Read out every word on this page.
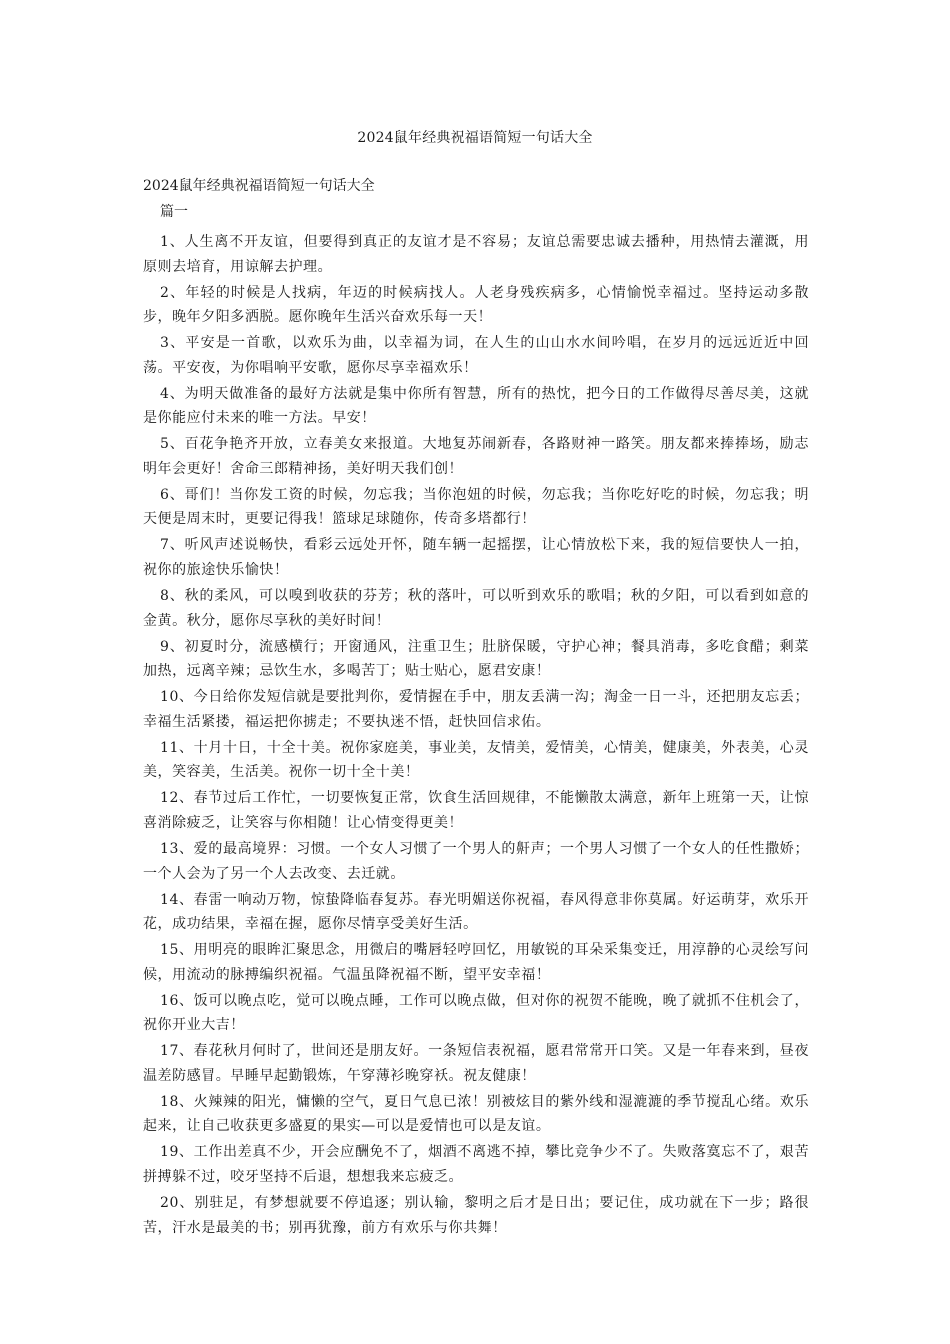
2024鼠年经典祝福语简短一句话大全

2024鼠年经典祝福语简短一句话大全

篇一

1、人生离不开友谊，但要得到真正的友谊才是不容易；友谊总需要忠诚去播种，用热情去灌溉，用原则去培育，用谅解去护理。

2、年轻的时候是人找病，年迈的时候病找人。人老身残疾病多，心情愉悦幸福过。坚持运动多散步，晚年夕阳多洒脱。愿你晚年生活兴奋欢乐每一天！

3、平安是一首歌，以欢乐为曲，以幸福为词，在人生的山山水水间吟唱，在岁月的远远近近中回荡。平安夜，为你唱响平安歌，愿你尽享幸福欢乐！

4、为明天做准备的最好方法就是集中你所有智慧，所有的热忱，把今日的工作做得尽善尽美，这就是你能应付未来的唯一方法。早安！

5、百花争艳齐开放，立春美女来报道。大地复苏闹新春，各路财神一路笑。朋友都来捧捧场，励志明年会更好！舍命三郎精神扬，美好明天我们创！

6、哥们！当你发工资的时候，勿忘我；当你泡妞的时候，勿忘我；当你吃好吃的时候，勿忘我；明天便是周末时，更要记得我！篮球足球随你，传奇多塔都行！

7、听风声述说畅快，看彩云远处开怀，随车辆一起摇摆，让心情放松下来，我的短信要快人一拍，祝你的旅途快乐愉快！

8、秋的柔风，可以嗅到收获的芬芳；秋的落叶，可以听到欢乐的歌唱；秋的夕阳，可以看到如意的金黄。秋分，愿你尽享秋的美好时间！

9、初夏时分，流感横行；开窗通风，注重卫生；肚脐保暖，守护心神；餐具消毒，多吃食醋；剩菜加热，远离辛辣；忌饮生水，多喝苦丁；贴士贴心，愿君安康！

10、今日给你发短信就是要批判你，爱情握在手中，朋友丢满一沟；淘金一日一斗，还把朋友忘丢；幸福生活紧搂，福运把你掳走；不要执迷不悟，赶快回信求佑。

11、十月十日，十全十美。祝你家庭美，事业美，友情美，爱情美，心情美，健康美，外表美，心灵美，笑容美，生活美。祝你一切十全十美！

12、春节过后工作忙，一切要恢复正常，饮食生活回规律，不能懒散太满意，新年上班第一天，让惊喜消除疲乏，让笑容与你相随！让心情变得更美！

13、爱的最高境界：习惯。一个女人习惯了一个男人的鼾声；一个男人习惯了一个女人的任性撒娇；一个人会为了另一个人去改变、去迁就。

14、春雷一响动万物，惊蛰降临春复苏。春光明媚送你祝福，春风得意非你莫属。好运萌芽，欢乐开花，成功结果，幸福在握，愿你尽情享受美好生活。

15、用明亮的眼眸汇聚思念，用微启的嘴唇轻哼回忆，用敏锐的耳朵采集变迁，用淳静的心灵绘写问候，用流动的脉搏编织祝福。气温虽降祝福不断，望平安幸福！

16、饭可以晚点吃，觉可以晚点睡，工作可以晚点做，但对你的祝贺不能晚，晚了就抓不住机会了，祝你开业大吉！

17、春花秋月何时了，世间还是朋友好。一条短信表祝福，愿君常常开口笑。又是一年春来到，昼夜温差防感冒。早睡早起勤锻炼，午穿薄衫晚穿袄。祝友健康！

18、火辣辣的阳光，慵懒的空气，夏日气息已浓！别被炫目的紫外线和湿漉漉的季节搅乱心绪。欢乐起来，让自己收获更多盛夏的果实—可以是爱情也可以是友谊。

19、工作出差真不少，开会应酬免不了，烟酒不离逃不掉，攀比竞争少不了。失败落寞忘不了，艰苦拼搏躲不过，咬牙坚持不后退，想想我来忘疲乏。

20、别驻足，有梦想就要不停追逐；别认输，黎明之后才是日出；要记住，成功就在下一步；路很苦，汗水是最美的书；别再犹豫，前方有欢乐与你共舞！
